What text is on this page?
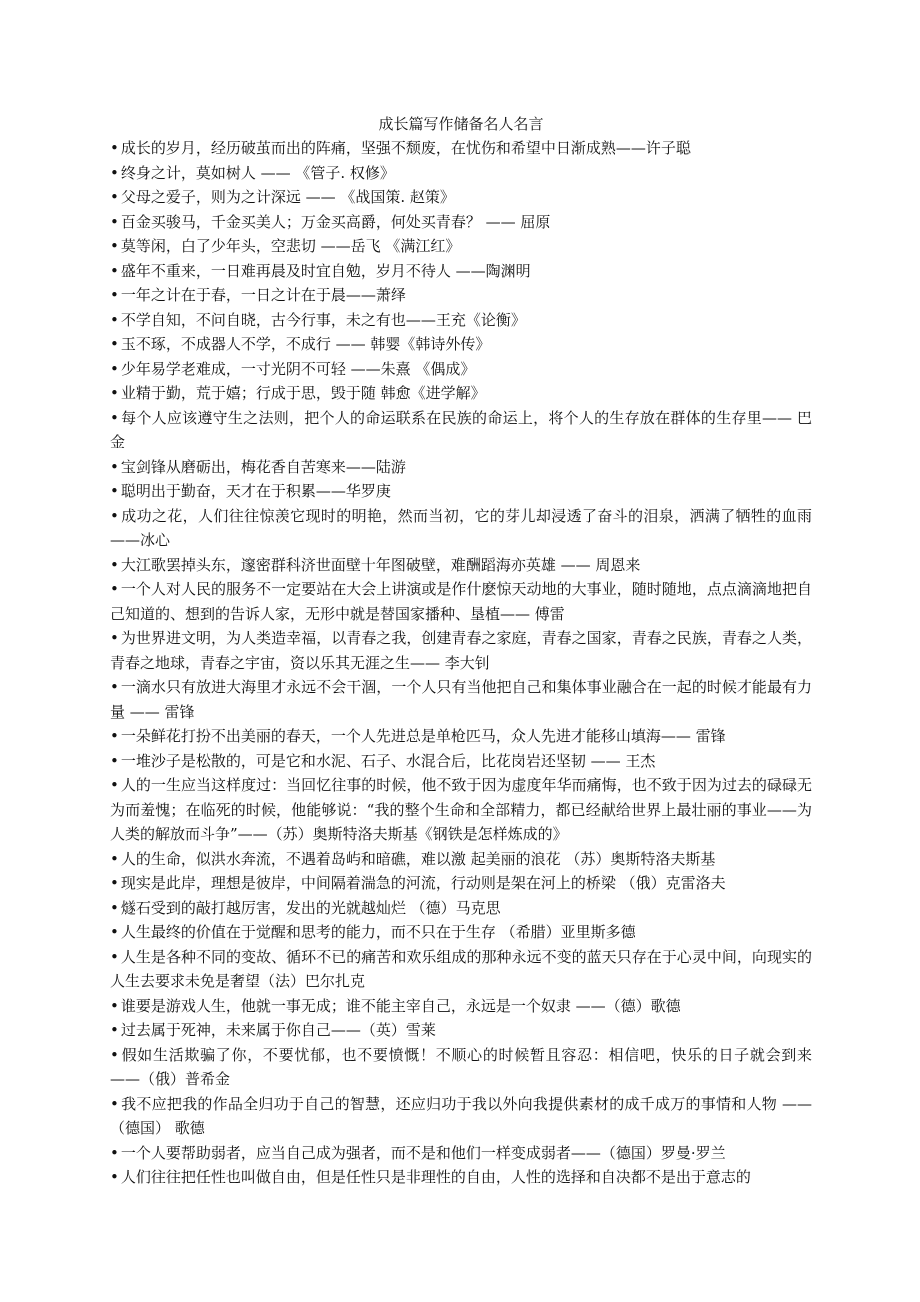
成长篇写作储备名人名言
• 成长的岁月，经历破茧而出的阵痛，坚强不颓废，在忧伤和希望中日渐成熟——许子聪
• 终身之计，莫如树人 —— 《管子. 权修》
• 父母之爱子，则为之计深远 —— 《战国策. 赵策》
• 百金买骏马，千金买美人；万金买高爵，何处买青春？ —— 屈原
• 莫等闲，白了少年头，空悲切 ——岳飞 《满江红》
• 盛年不重来，一日难再晨及时宜自勉，岁月不待人 ——陶渊明
• 一年之计在于春，一日之计在于晨——萧绎
• 不学自知，不问自晓，古今行事，未之有也——王充《论衡》
• 玉不琢，不成器人不学，不成行 —— 韩婴《韩诗外传》
• 少年易学老难成，一寸光阴不可轻 ——朱熹 《偶成》
• 业精于勤，荒于嬉；行成于思，毁于随 韩愈《进学解》
• 每个人应该遵守生之法则，把个人的命运联系在民族的命运上，将个人的生存放在群体的生存里—— 巴金
• 宝剑锋从磨砺出，梅花香自苦寒来——陆游
• 聪明出于勤奋，天才在于积累——华罗庚
• 成功之花，人们往往惊羡它现时的明艳，然而当初，它的芽儿却浸透了奋斗的泪泉，洒满了牺牲的血雨——冰心
• 大江歌罢掉头东，邃密群科济世面壁十年图破壁，难酬蹈海亦英雄 —— 周恩来
• 一个人对人民的服务不一定要站在大会上讲演或是作什麽惊天动地的大事业，随时随地，点点滴滴地把自己知道的、想到的告诉人家，无形中就是替国家播种、垦植—— 傅雷
• 为世界进文明，为人类造幸福，以青春之我，创建青春之家庭，青春之国家，青春之民族，青春之人类，青春之地球，青春之宇宙，资以乐其无涯之生—— 李大钊
• 一滴水只有放进大海里才永远不会干涸，一个人只有当他把自己和集体事业融合在一起的时候才能最有力量 —— 雷锋
• 一朵鲜花打扮不出美丽的春天，一个人先进总是单枪匹马，众人先进才能移山填海—— 雷锋
• 一堆沙子是松散的，可是它和水泥、石子、水混合后，比花岗岩还坚韧 —— 王杰
• 人的一生应当这样度过：当回忆往事的时候，他不致于因为虚度年华而痛悔，也不致于因为过去的碌碌无为而羞愧；在临死的时候，他能够说：“我的整个生命和全部精力，都已经献给世界上最壮丽的事业——为人类的解放而斗争”——（苏）奥斯特洛夫斯基《钢铁是怎样炼成的》
• 人的生命，似洪水奔流，不遇着岛屿和暗礁，难以激 起美丽的浪花 （苏）奥斯特洛夫斯基
• 现实是此岸，理想是彼岸，中间隔着湍急的河流，行动则是架在河上的桥梁 （俄）克雷洛夫
• 燧石受到的敲打越厉害，发出的光就越灿烂 （德）马克思
• 人生最终的价值在于觉醒和思考的能力，而不只在于生存 （希腊）亚里斯多德
• 人生是各种不同的变故、循环不已的痛苦和欢乐组成的那种永远不变的蓝天只存在于心灵中间，向现实的人生去要求未免是奢望（法）巴尔扎克
• 谁要是游戏人生，他就一事无成；谁不能主宰自己，永远是一个奴隶 ——（德）歌德
• 过去属于死神，未来属于你自己——（英）雪莱
• 假如生活欺骗了你，不要忧郁，也不要愤慨！不顺心的时候暂且容忍：相信吧，快乐的日子就会到来 ——（俄）普希金
• 我不应把我的作品全归功于自己的智慧，还应归功于我以外向我提供素材的成千成万的事情和人物 ——（德国） 歌德
• 一个人要帮助弱者，应当自己成为强者，而不是和他们一样变成弱者——（德国）罗曼·罗兰
• 人们往往把任性也叫做自由，但是任性只是非理性的自由，人性的选择和自决都不是出于意志的
